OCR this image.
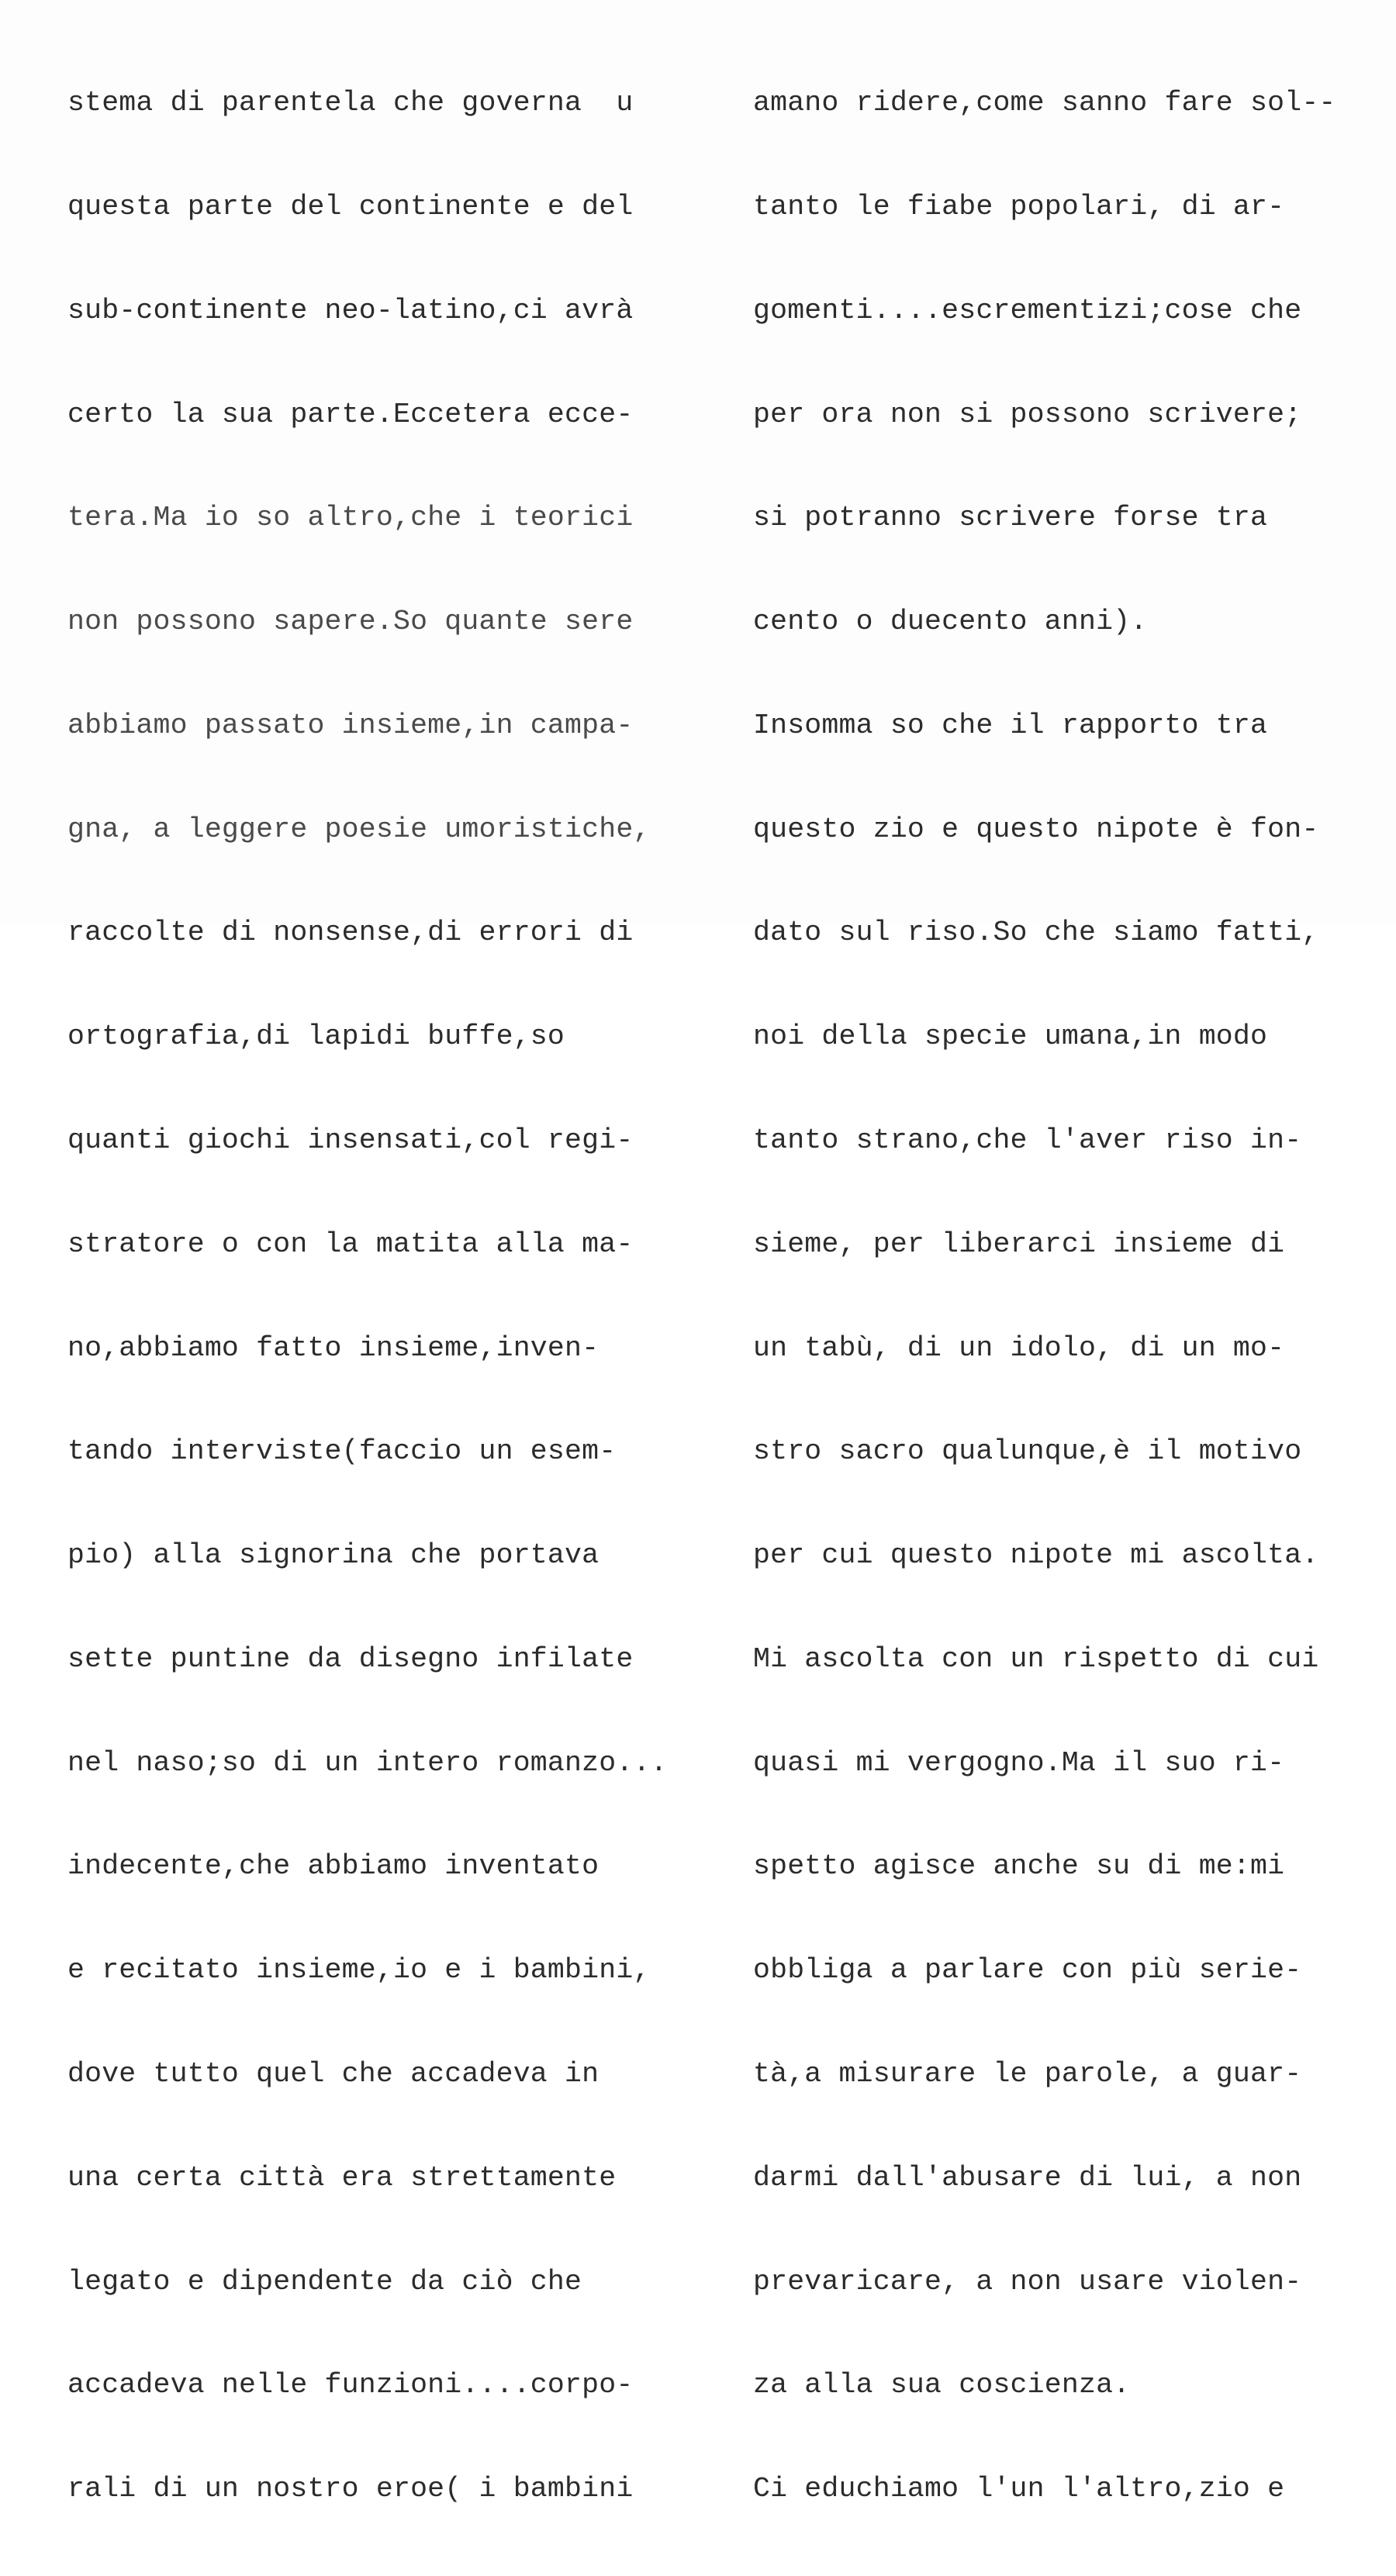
stema di parentela che governa  u

questa parte del continente e del

sub-continente neo-latino,ci avrà

certo la sua parte.Eccetera ecce-

tera.Ma io so altro,che i teorici

non possono sapere.So quante sere

abbiamo passato insieme,in campa-

gna, a leggere poesie umoristiche,

raccolte di nonsense,di errori di

ortografia,di lapidi buffe,so

quanti giochi insensati,col regi-

stratore o con la matita alla ma-

no,abbiamo fatto insieme,inven-

tando interviste(faccio un esem-

pio) alla signorina che portava

sette puntine da disegno infilate

nel naso;so di un intero romanzo...

indecente,che abbiamo inventato

e recitato insieme,io e i bambini,

dove tutto quel che accadeva in

una certa città era strettamente

legato e dipendente da ciò che

accadeva nelle funzioni....corpo-

rali di un nostro eroe( i bambini

amano ridere,come sanno fare sol--

tanto le fiabe popolari, di ar-

gomenti....escrementizi;cose che

per ora non si possono scrivere;

si potranno scrivere forse tra

cento o duecento anni).

Insomma so che il rapporto tra

questo zio e questo nipote è fon-

dato sul riso.So che siamo fatti,

noi della specie umana,in modo

tanto strano,che l'aver riso in-

sieme, per liberarci insieme di

un tabù, di un idolo, di un mo-

stro sacro qualunque,è il motivo

per cui questo nipote mi ascolta.

Mi ascolta con un rispetto di cui

quasi mi vergogno.Ma il suo ri-

spetto agisce anche su di me:mi

obbliga a parlare con più serie-

tà,a misurare le parole, a guar-

darmi dall'abusare di lui, a non

prevaricare, a non usare violen-

za alla sua coscienza.

Ci educhiamo l'un l'altro,zio e
